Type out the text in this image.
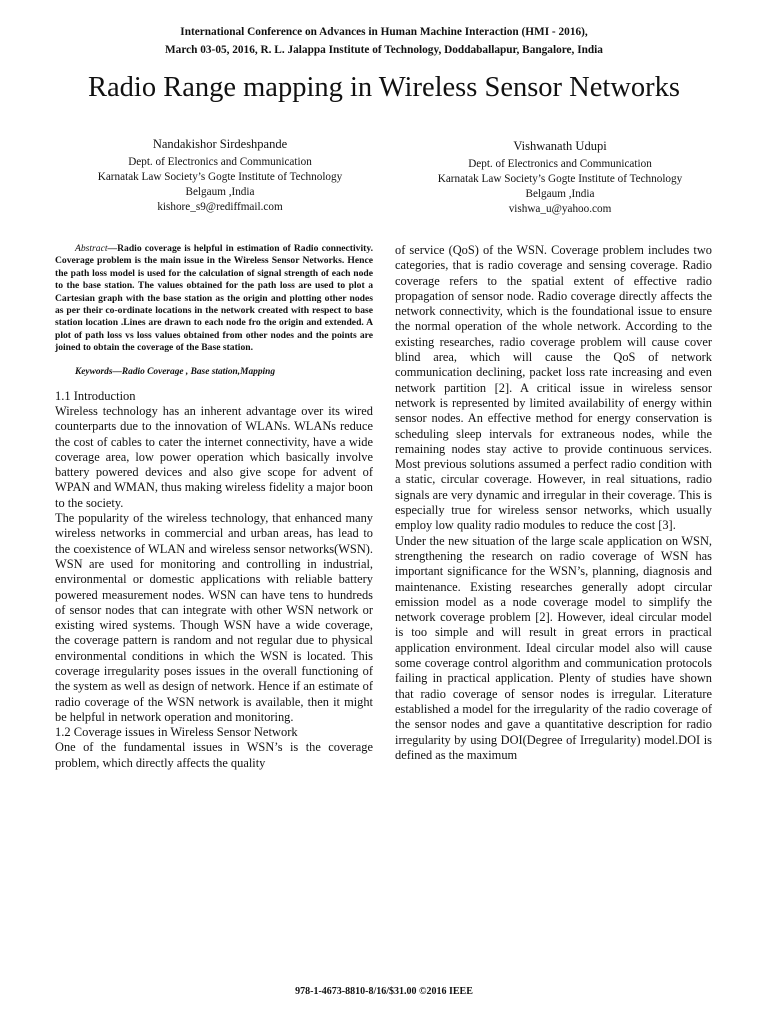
International Conference on Advances in Human Machine Interaction (HMI - 2016),
March 03-05, 2016, R. L. Jalappa Institute of Technology, Doddaballapur, Bangalore, India
Radio Range mapping in Wireless Sensor Networks
Nandakishor Sirdeshpande
Dept. of Electronics and Communication
Karnatak Law Society’s Gogte Institute of Technology
Belgaum ,India
kishore_s9@rediffmail.com
Vishwanath Udupi
Dept. of Electronics and Communication
Karnatak Law Society’s Gogte Institute of Technology
Belgaum ,India
vishwa_u@yahoo.com

Abstract—Radio coverage is helpful in estimation of Radio connectivity. Coverage problem is the main issue in the Wireless Sensor Networks. Hence the path loss model is used for the calculation of signal strength of each node to the base station. The values obtained for the path loss are used to plot a Cartesian graph with the base station as the origin and plotting other nodes as per their co-ordinate locations in the network created with respect to base station location .Lines are drawn to each node fro the origin and extended. A plot of path loss vs loss values obtained from other nodes and the points are joined to obtain the coverage of the Base station.

Keywords—Radio Coverage , Base station,Mapping

1.1 Introduction

Wireless technology has an inherent advantage over its wired counterparts due to the innovation of WLANs. WLANs reduce the cost of cables to cater the internet connectivity, have a wide coverage area, low power operation which basically involve battery powered devices and also give scope for advent of WPAN and WMAN, thus making wireless fidelity a major boon to the society.

The popularity of the wireless technology, that enhanced many wireless networks in commercial and urban areas, has lead to the coexistence of WLAN and wireless sensor networks(WSN). WSN are used for monitoring and controlling in industrial, environmental or domestic applications with reliable battery powered measurement nodes. WSN can have tens to hundreds of sensor nodes that can integrate with other WSN network or existing wired systems. Though WSN have a wide coverage, the coverage pattern is random and not regular due to physical environmental conditions in which the WSN is located. This coverage irregularity poses issues in the overall functioning of the system as well as design of network. Hence if an estimate of radio coverage of the WSN network is available, then it might be helpful in network operation and monitoring.

1.2 Coverage issues in Wireless Sensor Network

One of the fundamental issues in WSN’s is the coverage problem, which directly affects the quality

of service (QoS) of the WSN. Coverage problem includes two categories, that is radio coverage and sensing coverage. Radio coverage refers to the spatial extent of effective radio propagation of sensor node. Radio coverage directly affects the network connectivity, which is the foundational issue to ensure the normal operation of the whole network. According to the existing researches, radio coverage problem will cause cover blind area, which will cause the QoS of network communication declining, packet loss rate increasing and even network partition [2]. A critical issue in wireless sensor network is represented by limited availability of energy within sensor nodes. An effective method for energy conservation is scheduling sleep intervals for extraneous nodes, while the remaining nodes stay active to provide continuous services. Most previous solutions assumed a perfect radio condition with a static, circular coverage. However, in real situations, radio signals are very dynamic and irregular in their coverage. This is especially true for wireless sensor networks, which usually employ low quality radio modules to reduce the cost [3].

Under the new situation of the large scale application on WSN, strengthening the research on radio coverage of WSN has important significance for the WSN’s, planning, diagnosis and maintenance. Existing researches generally adopt circular emission model as a node coverage model to simplify the network coverage problem [2]. However, ideal circular model is too simple and will result in great errors in practical application environment. Ideal circular model also will cause some coverage control algorithm and communication protocols failing in practical application. Plenty of studies have shown that radio coverage of sensor nodes is irregular. Literature established a model for the irregularity of the radio coverage of the sensor nodes and gave a quantitative description for radio irregularity by using DOI(Degree of Irregularity) model.DOI is defined as the maximum

978-1-4673-8810-8/16/$31.00 ©2016 IEEE
